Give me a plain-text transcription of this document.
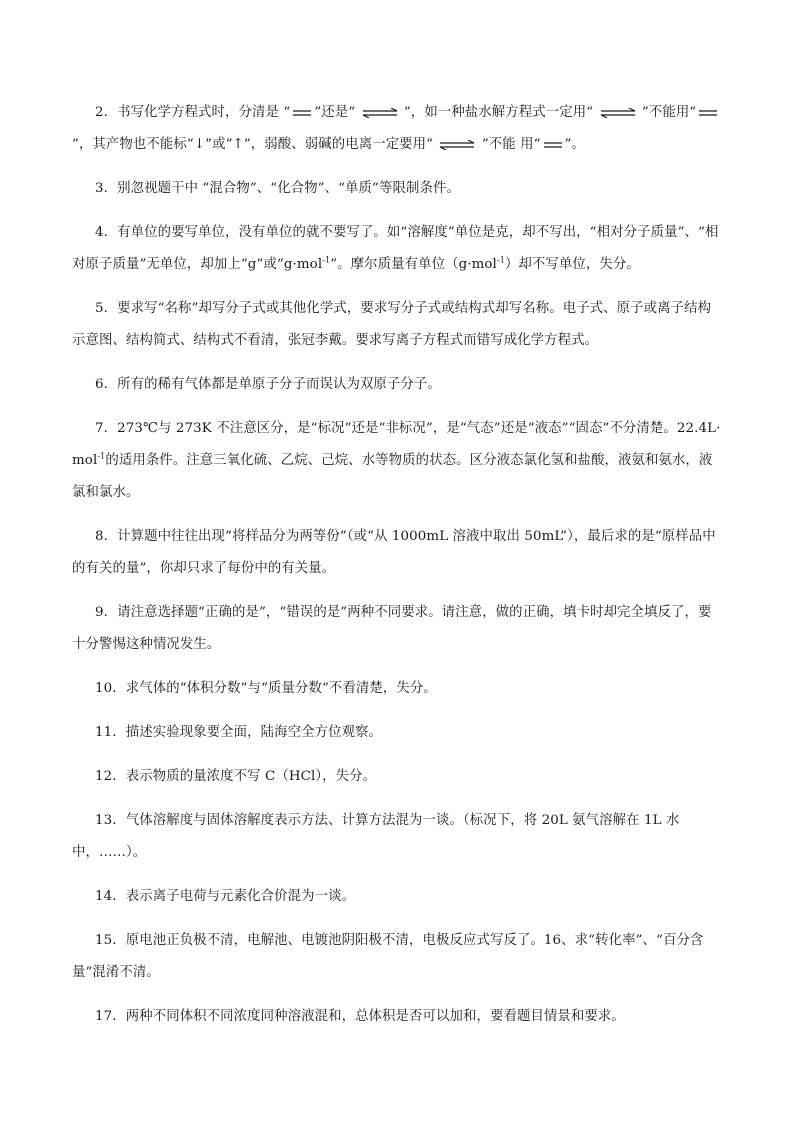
2．书写化学方程式时，分清是 “ ”还是“ ⇌ ”，如一种盐水解方程式一定用“ ⇌ ”不能用“”，其产物也不能标“↓”或“↑”，弱酸、弱碱的电离一定要用“ ⇌ ”不能 用“ ”。

3．别忽视题干中 “混合物”、“化合物”、“单质”等限制条件。

4．有单位的要写单位，没有单位的就不要写了。如“溶解度”单位是克，却不写出，“相对分子质量”、“相对原子质量”无单位，却加上“g”或“g·mol$^{-1}$”。摩尔质量有单位（g·mol$^{-1}$）却不写单位，失分。

5．要求写“名称”却写分子式或其他化学式，要求写分子式或结构式却写名称。电子式、原子或离子结构示意图、结构简式、结构式不看清，张冠李戴。要求写离子方程式而错写成化学方程式。

6．所有的稀有气体都是单原子分子而误认为双原子分子。

7．273℃与 273K 不注意区分，是“标况”还是“非标况”，是“气态”还是“液态”“固态”不分清楚。22.4L·mol$^{-1}$的适用条件。注意三氧化硫、乙烷、己烷、水等物质的状态。区分液态氯化氢和盐酸，液氨和氨水，液氯和氯水。

8．计算题中往往出现“将样品分为两等份”（或“从 1000mL 溶液中取出 50mL”），最后求的是“原样品中的有关的量”，你却只求了每份中的有关量。

9．请注意选择题“正确的是”，“错误的是”两种不同要求。请注意，做的正确，填卡时却完全填反了，要十分警惕这种情况发生。

10．求气体的“体积分数”与“质量分数”不看清楚，失分。

11．描述实验现象要全面，陆海空全方位观察。

12．表示物质的量浓度不写 C（HCl），失分。

13．气体溶解度与固体溶解度表示方法、计算方法混为一谈。（标况下，将 20L 氨气溶解在 1L 水中，……）。

14．表示离子电荷与元素化合价混为一谈。

15．原电池正负极不清，电解池、电镀池阴阳极不清，电极反应式写反了。16、求“转化率”、“百分含量”混淆不清。

17．两种不同体积不同浓度同种溶液混和，总体积是否可以加和，要看题目情景和要求。
